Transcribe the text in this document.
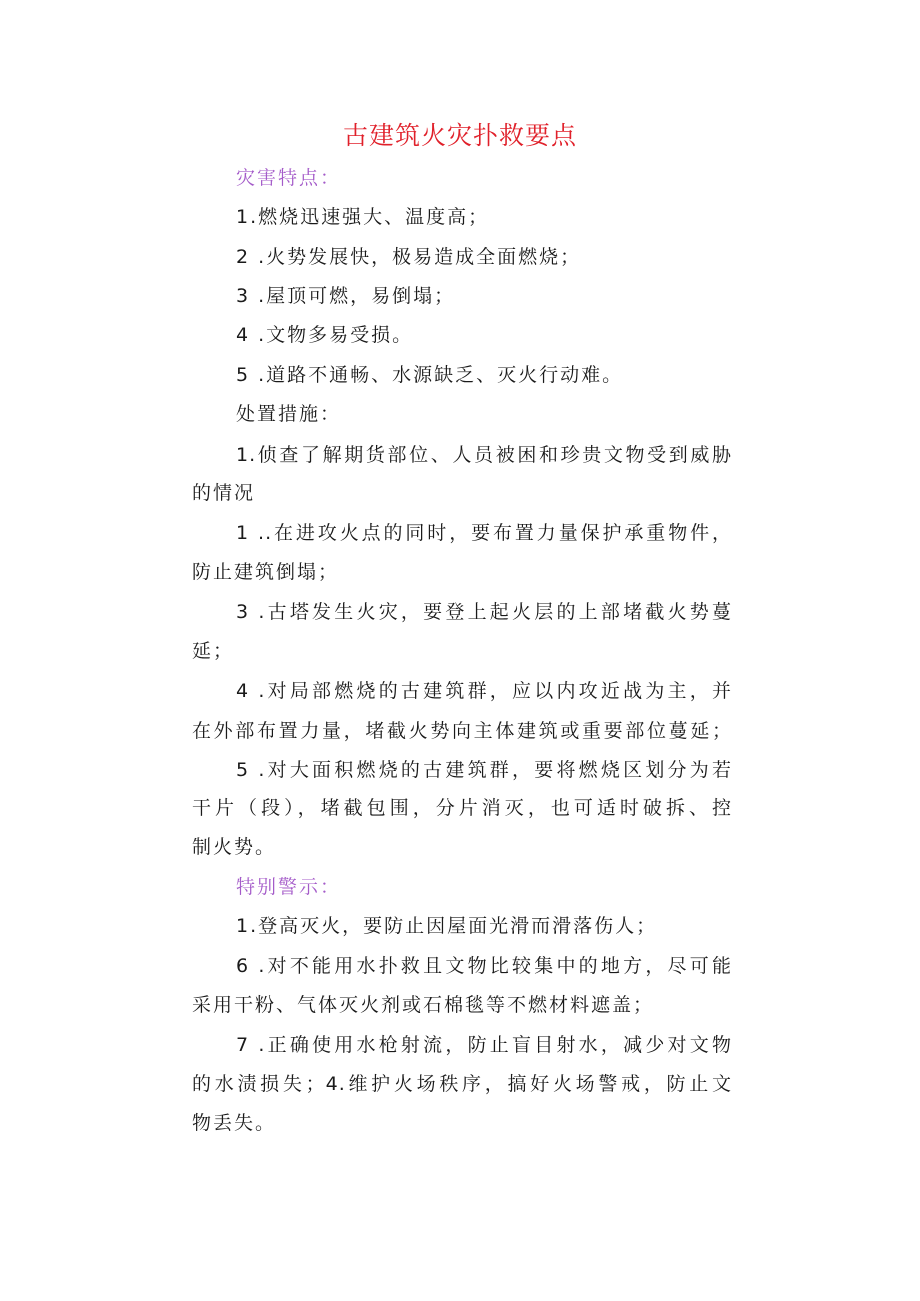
古建筑火灾扑救要点
灾害特点：
1.燃烧迅速强大、温度高；
2 .火势发展快，极易造成全面燃烧；
3 .屋顶可燃，易倒塌；
4 .文物多易受损。
5 .道路不通畅、水源缺乏、灭火行动难。
处置措施：
1.侦查了解期货部位、人员被困和珍贵文物受到威胁
的情况
1 ..在进攻火点的同时，要布置力量保护承重物件，
防止建筑倒塌；
3 .古塔发生火灾，要登上起火层的上部堵截火势蔓
延；
4 .对局部燃烧的古建筑群，应以内攻近战为主，并
在外部布置力量，堵截火势向主体建筑或重要部位蔓延；
5 .对大面积燃烧的古建筑群，要将燃烧区划分为若
干片（段），堵截包围，分片消灭，也可适时破拆、控
制火势。
特别警示：
1.登高灭火，要防止因屋面光滑而滑落伤人；
6 .对不能用水扑救且文物比较集中的地方，尽可能
采用干粉、气体灭火剂或石棉毯等不燃材料遮盖；
7 .正确使用水枪射流，防止盲目射水，减少对文物
的水渍损失；4.维护火场秩序，搞好火场警戒，防止文
物丢失。
